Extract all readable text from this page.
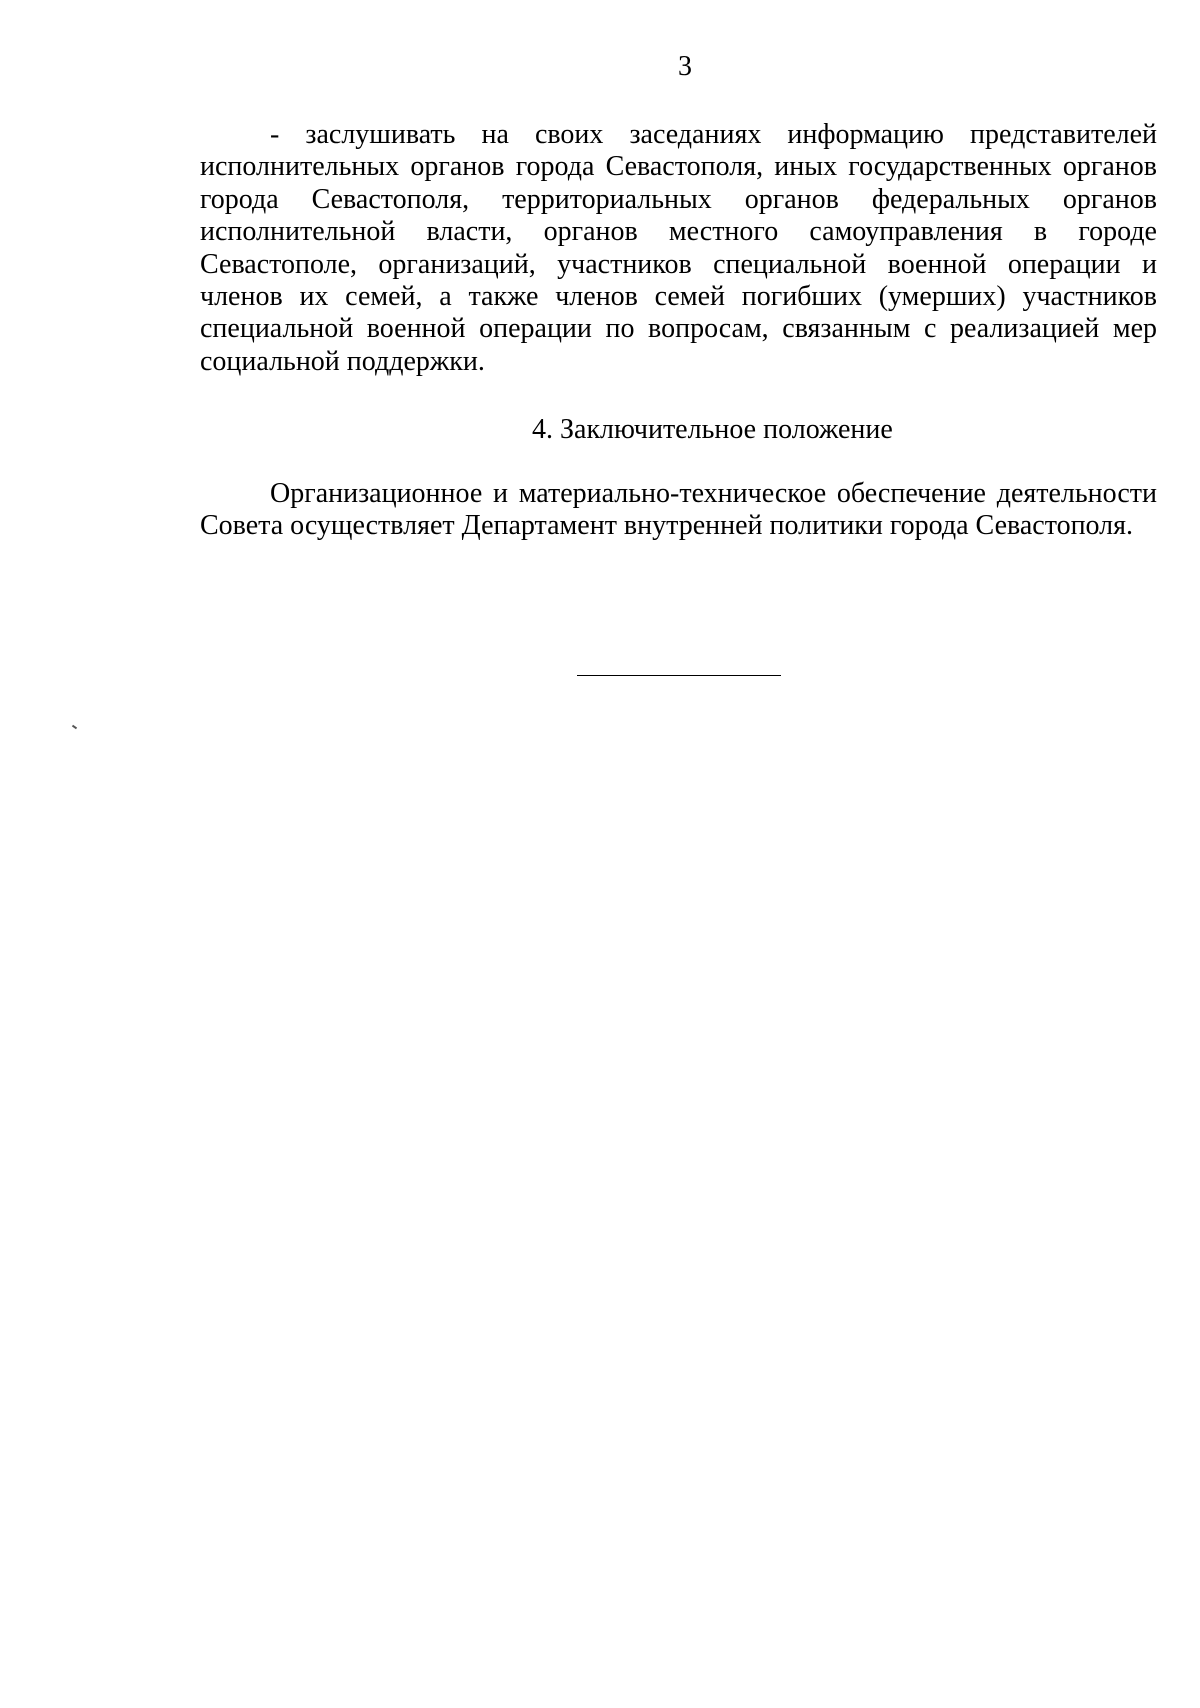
3

- заслушивать на своих заседаниях информацию представителей исполнительных органов города Севастополя, иных государственных органов города Севастополя, территориальных органов федеральных органов исполнительной власти, органов местного самоуправления в городе Севастополе, организаций, участников специальной военной операции и членов их семей, а также членов семей погибших (умерших) участников специальной военной операции по вопросам, связанным с реализацией мер социальной поддержки.

4. Заключительное положение

Организационное и материально-техническое обеспечение деятельности Совета осуществляет Департамент внутренней политики города Севастополя.
